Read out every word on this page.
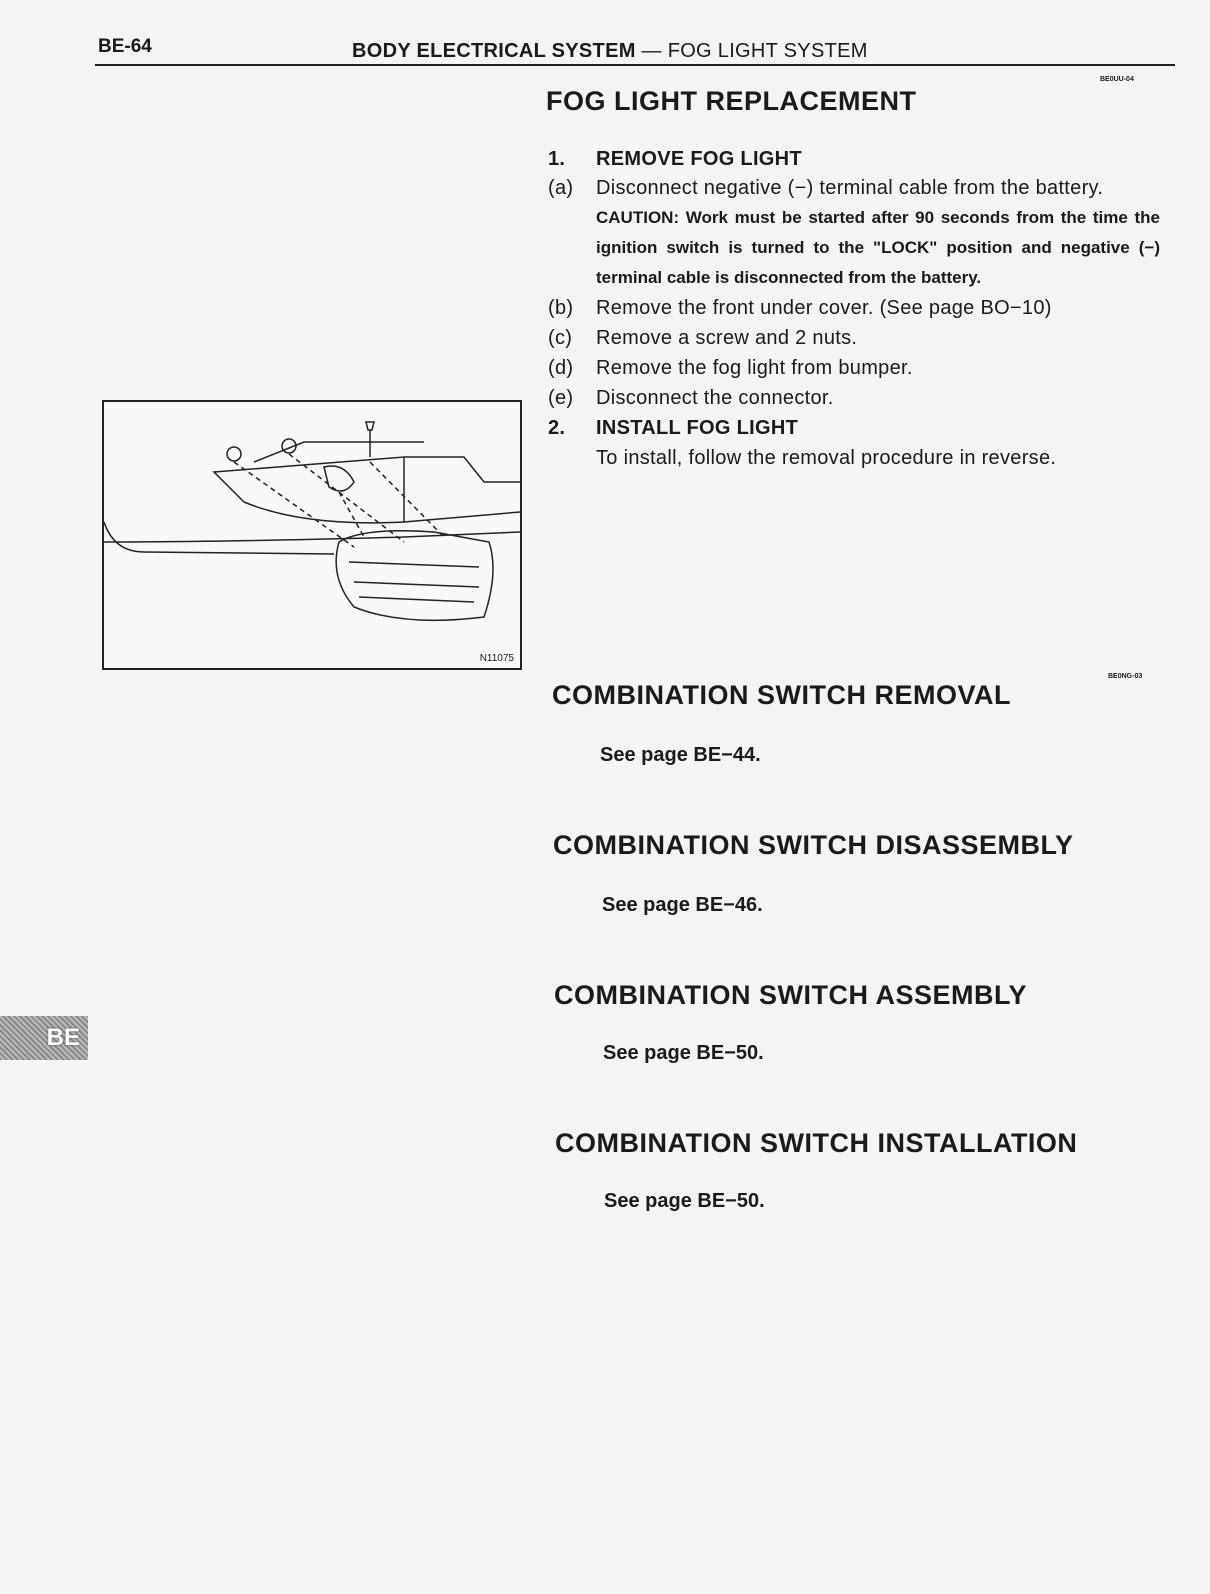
BE-64	BODY ELECTRICAL SYSTEM — FOG LIGHT SYSTEM
BE0UU-04
FOG LIGHT REPLACEMENT
1. REMOVE FOG LIGHT
(a) Disconnect negative (−) terminal cable from the battery.
CAUTION: Work must be started after 90 seconds from the time the ignition switch is turned to the "LOCK" position and negative (−) terminal cable is disconnected from the battery.
(b) Remove the front under cover. (See page BO−10)
(c) Remove a screw and 2 nuts.
(d) Remove the fog light from bumper.
(e) Disconnect the connector.
2. INSTALL FOG LIGHT
To install, follow the removal procedure in reverse.
N11075
BE0NG-03
COMBINATION SWITCH REMOVAL
See page BE−44.
COMBINATION SWITCH DISASSEMBLY
See page BE−46.
COMBINATION SWITCH ASSEMBLY
See page BE−50.
COMBINATION SWITCH INSTALLATION
See page BE−50.
BE
